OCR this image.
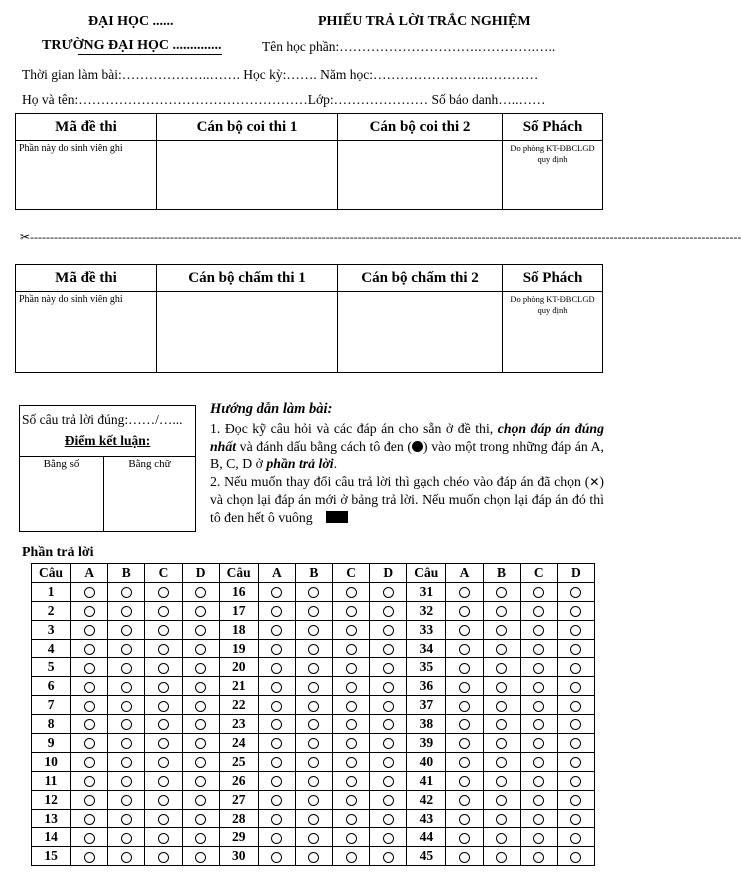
ĐẠI HỌC ......	PHIẾU TRẢ LỜI TRẮC NGHIỆM
TRƯỜNG ĐẠI HỌC ..............	Tên học phần:………………………….………….…..
Thời gian làm bài:………………..……. Học kỳ:……. Năm học:…………………….…………
Họ và tên:……………………………………………Lớp:………………… Số báo danh…..……
Mã đề thi	Cán bộ coi thi 1	Cán bộ coi thi 2	Số Phách
Phần này do sinh viên ghi			Do phòng KT-ĐBCLGD quy định
✂----------------------------------------------------------------------------------------------------------------------------------------------------------------------------------
Mã đề thi	Cán bộ chấm thi 1	Cán bộ chấm thi 2	Số Phách
Phần này do sinh viên ghi			Do phòng KT-ĐBCLGD quy định
Số câu trả lời đúng:……/…...
Điểm kết luận:
Bằng số	Bằng chữ
Hướng dẫn làm bài:
1. Đọc kỹ câu hỏi và các đáp án cho sẵn ở đề thi, chọn đáp án đúng nhất và đánh dấu bằng cách tô đen ( ) vào một trong những đáp án A, B, C, D ở phần trả lời.
2. Nếu muốn thay đổi câu trả lời thì gạch chéo vào đáp án đã chọn (✕) và chọn lại đáp án mới ở bảng trả lời. Nếu muốn chọn lại đáp án đó thì tô đen hết ô vuông
Phần trả lời
Câu	A	B	C	D	Câu	A	B	C	D	Câu	A	B	C	D
1					16					31				
2					17					32				
3					18					33				
4					19					34				
5					20					35				
6					21					36				
7					22					37				
8					23					38				
9					24					39				
10					25					40				
11					26					41				
12					27					42				
13					28					43				
14					29					44				
15					30					45				
